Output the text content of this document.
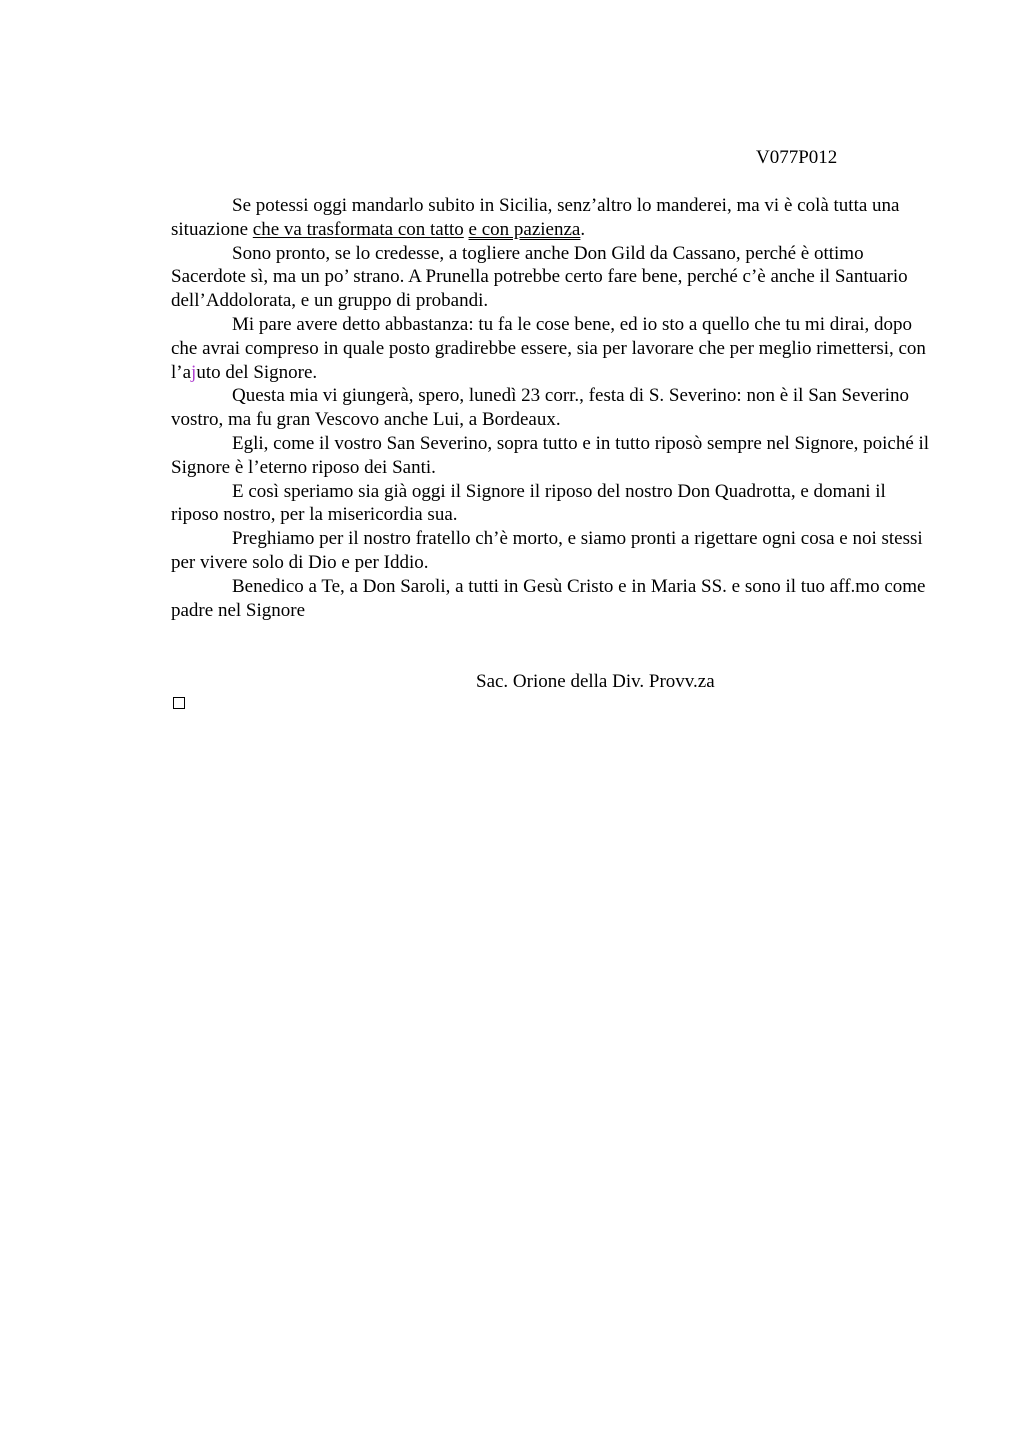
V077P012

Se potessi oggi mandarlo subito in Sicilia, senz’altro lo manderei, ma vi è colà tutta una situazione che va trasformata con tatto e con pazienza.

Sono pronto, se lo credesse, a togliere anche Don Gild da Cassano, perché è ottimo Sacerdote sì, ma un po’ strano. A Prunella potrebbe certo fare bene, perché c’è anche il Santuario dell’Addolorata, e un gruppo di probandi.

Mi pare avere detto abbastanza: tu fa le cose bene, ed io sto a quello che tu mi dirai, dopo che avrai compreso in quale posto gradirebbe essere, sia per lavorare che per meglio rimettersi, con l’ajuto del Signore.

Questa mia vi giungerà, spero, lunedì 23 corr., festa di S. Severino: non è il San Severino vostro, ma fu gran Vescovo anche Lui, a Bordeaux.

Egli, come il vostro San Severino, sopra tutto e in tutto riposò sempre nel Signore, poiché il Signore è l’eterno riposo dei Santi.

E così speriamo sia già oggi il Signore il riposo del nostro Don Quadrotta, e domani il riposo nostro, per la misericordia sua.

Preghiamo per il nostro fratello ch’è morto, e siamo pronti a rigettare ogni cosa e noi stessi per vivere solo di Dio e per Iddio.

Benedico a Te, a Don Saroli, a tutti in Gesù Cristo e in Maria SS. e sono il tuo aff.mo come padre nel Signore

Sac. Orione della Div. Provv.za
